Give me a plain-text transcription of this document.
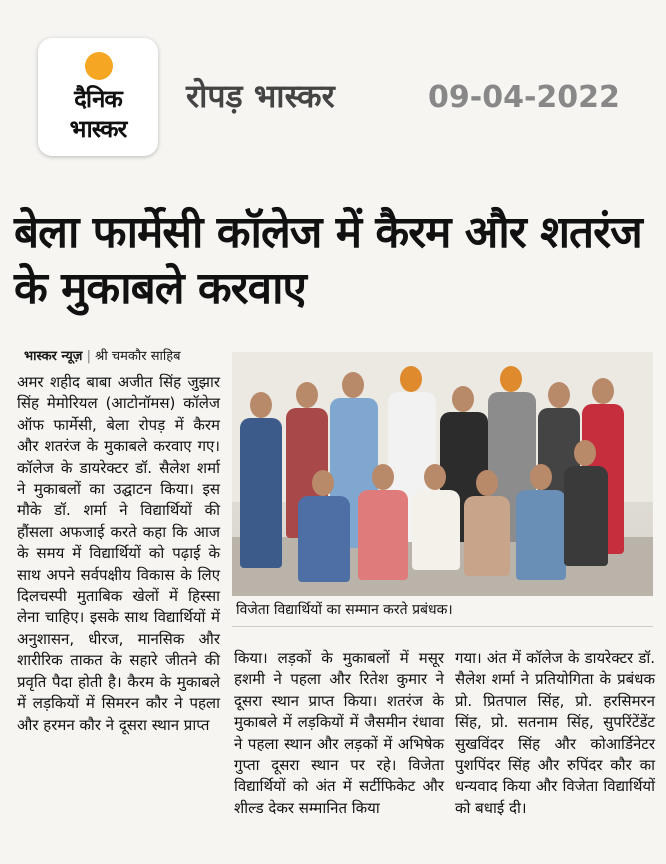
दैनिक
भास्कर
रोपड़ भास्कर	09-04-2022
बेला फार्मेसी कॉलेज में कैरम और शतरंज के मुकाबले करवाए
भास्कर न्यूज़ | श्री चमकौर साहिब
अमर शहीद बाबा अजीत सिंह जुझार सिंह मेमोरियल (आटोनॉमस) कॉलेज ऑफ फार्मेसी, बेला रोपड़ में कैरम और शतरंज के मुकाबले करवाए गए। कॉलेज के डायरेक्टर डॉ. सैलेश शर्मा ने मुकाबलों का उद्घाटन किया। इस मौके डॉ. शर्मा ने विद्यार्थियों की हौंसला अफजाई करते कहा कि आज के समय में विद्यार्थियों को पढ़ाई के साथ अपने सर्वपक्षीय विकास के लिए दिलचस्पी मुताबिक खेलों में हिस्सा लेना चाहिए। इसके साथ विद्यार्थियों में अनुशासन, धीरज, मानसिक और शारीरिक ताकत के सहारे जीतने की प्रवृति पैदा होती है। कैरम के मुकाबले में लड़कियों में सिमरन कौर ने पहला और हरमन कौर ने दूसरा स्थान प्राप्त
विजेता विद्यार्थियों का सम्मान करते प्रबंधक।
किया। लड़कों के मुकाबलों में मसूर हशमी ने पहला और रितेश कुमार ने दूसरा स्थान प्राप्त किया। शतरंज के मुकाबले में लड़कियों में जैसमीन रंधावा ने पहला स्थान और लड़कों में अभिषेक गुप्ता दूसरा स्थान पर रहे। विजेता विद्यार्थियों को अंत में सर्टीफिकेट और शील्ड देकर सम्मानित किया
गया। अंत में कॉलेज के डायरेक्टर डॉ. सैलेश शर्मा ने प्रतियोगिता के प्रबंधक प्रो. प्रितपाल सिंह, प्रो. हरसिमरन सिंह, प्रो. सतनाम सिंह, सुपरिंटेंडेंट सुखविंदर सिंह और कोआर्डिनेटर पुशपिंदर सिंह और रुपिंदर कौर का धन्यवाद किया और विजेता विद्यार्थियों को बधाई दी।
